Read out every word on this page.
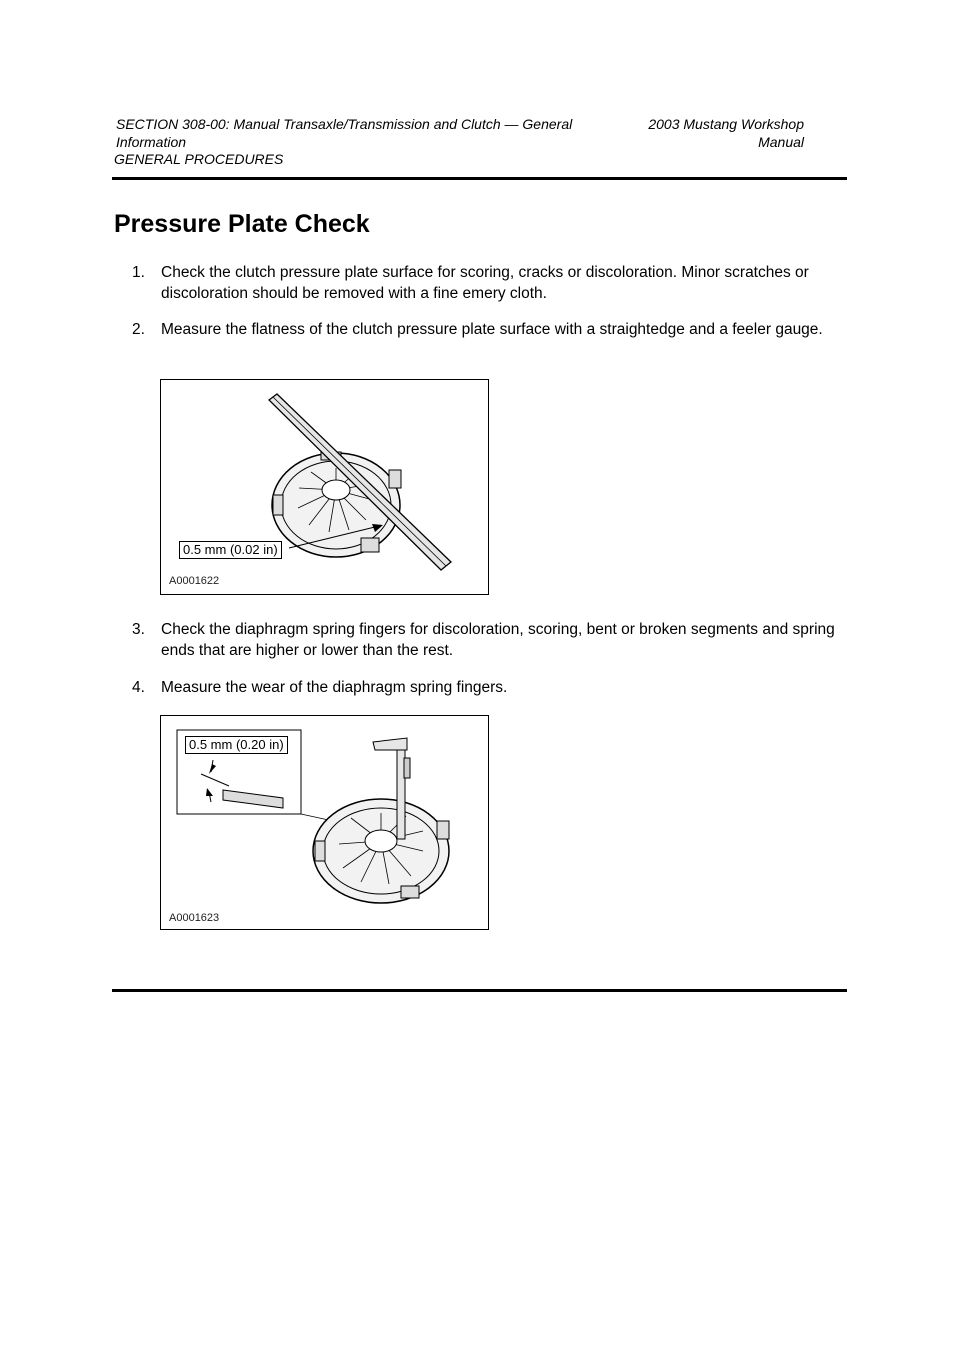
SECTION 308-00: Manual Transaxle/Transmission and Clutch — General Information
2003 Mustang Workshop Manual
GENERAL PROCEDURES
Pressure Plate Check
1.	Check the clutch pressure plate surface for scoring, cracks or discoloration. Minor scratches or discoloration should be removed with a fine emery cloth.
2.	Measure the flatness of the clutch pressure plate surface with a straightedge and a feeler gauge.
0.5 mm (0.02 in)
A0001622
3.	Check the diaphragm spring fingers for discoloration, scoring, bent or broken segments and spring ends that are higher or lower than the rest.
4.	Measure the wear of the diaphragm spring fingers.
0.5 mm (0.20 in)
A0001623
